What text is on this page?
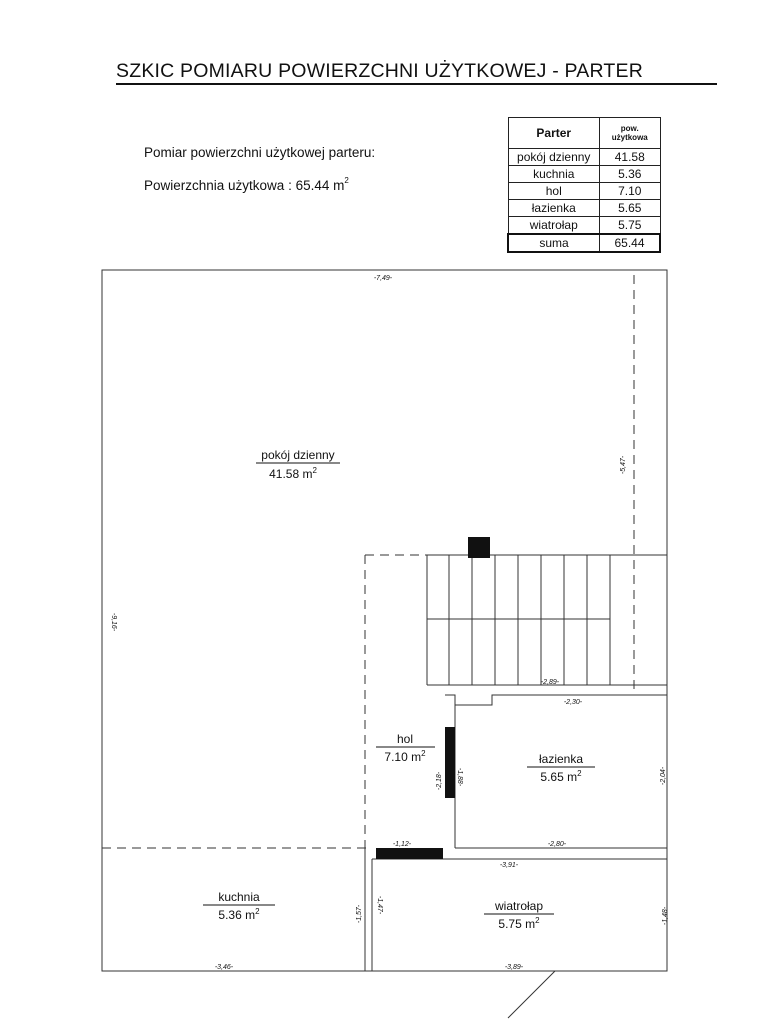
SZKIC POMIARU POWIERZCHNI UŻYTKOWEJ - PARTER
Pomiar powierzchni użytkowej parteru:
Powierzchnia użytkowa : 65.44 $m^2$
Parter	pow. użytkowa
pokój dzienny	41.58
kuchnia	5.36
hol	7.10
łazienka	5.65
wiatrołap	5.75
suma	65.44
pokój dzienny
41.58 $m^2$
hol
7.10 $m^2$	łazienka
5.65 $m^2$
kuchnia
5.36 $m^2$	wiatrołap
5.75 $m^2$
-7,49-
-2,89-
-2,30-
-2,80-
-1,12-
-3,91-
-3,89-
-3,46-
-9,16-
-5,47-
-2,04-
-2,18- -1,88-
-1,57- -1,47-
-1,48-
